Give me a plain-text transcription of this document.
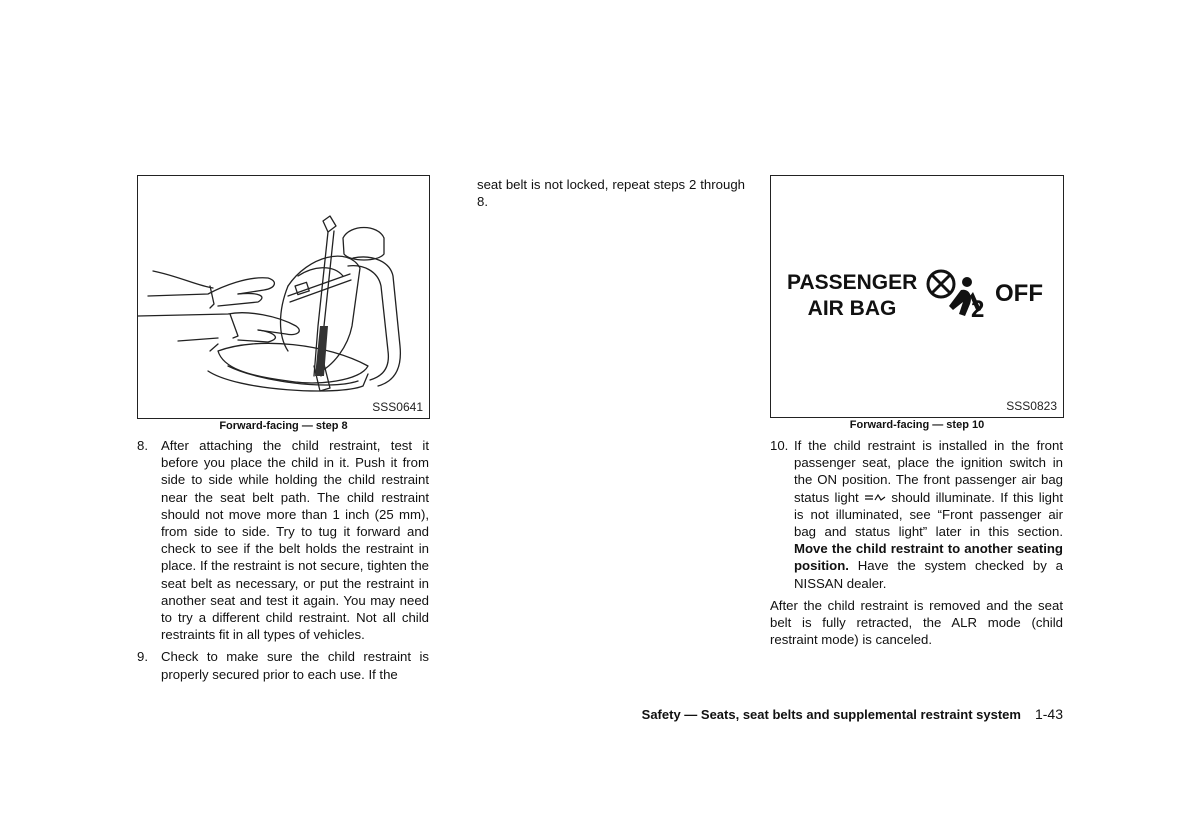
SSS0641
Forward-facing — step 8
8. After attaching the child restraint, test it before you place the child in it. Push it from side to side while holding the child restraint near the seat belt path. The child restraint should not move more than 1 inch (25 mm), from side to side. Try to tug it forward and check to see if the belt holds the restraint in place. If the restraint is not secure, tighten the seat belt as necessary, or put the restraint in another seat and test it again. You may need to try a different child restraint. Not all child restraints fit in all types of vehicles.
9. Check to make sure the child restraint is properly secured prior to each use. If the
seat belt is not locked, repeat steps 2 through 8.
PASSENGER
AIR BAG	2
OFF
SSS0823
Forward-facing — step 10
10. If the child restraint is installed in the front passenger seat, place the ignition switch in the ON position. The front passenger air bag status light should illuminate. If this light is not illuminated, see “Front passenger air bag and status light” later in this section. Move the child restraint to another seating position. Have the system checked by a NISSAN dealer.
After the child restraint is removed and the seat belt is fully retracted, the ALR mode (child restraint mode) is canceled.
Safety — Seats, seat belts and supplemental restraint system 1-43
